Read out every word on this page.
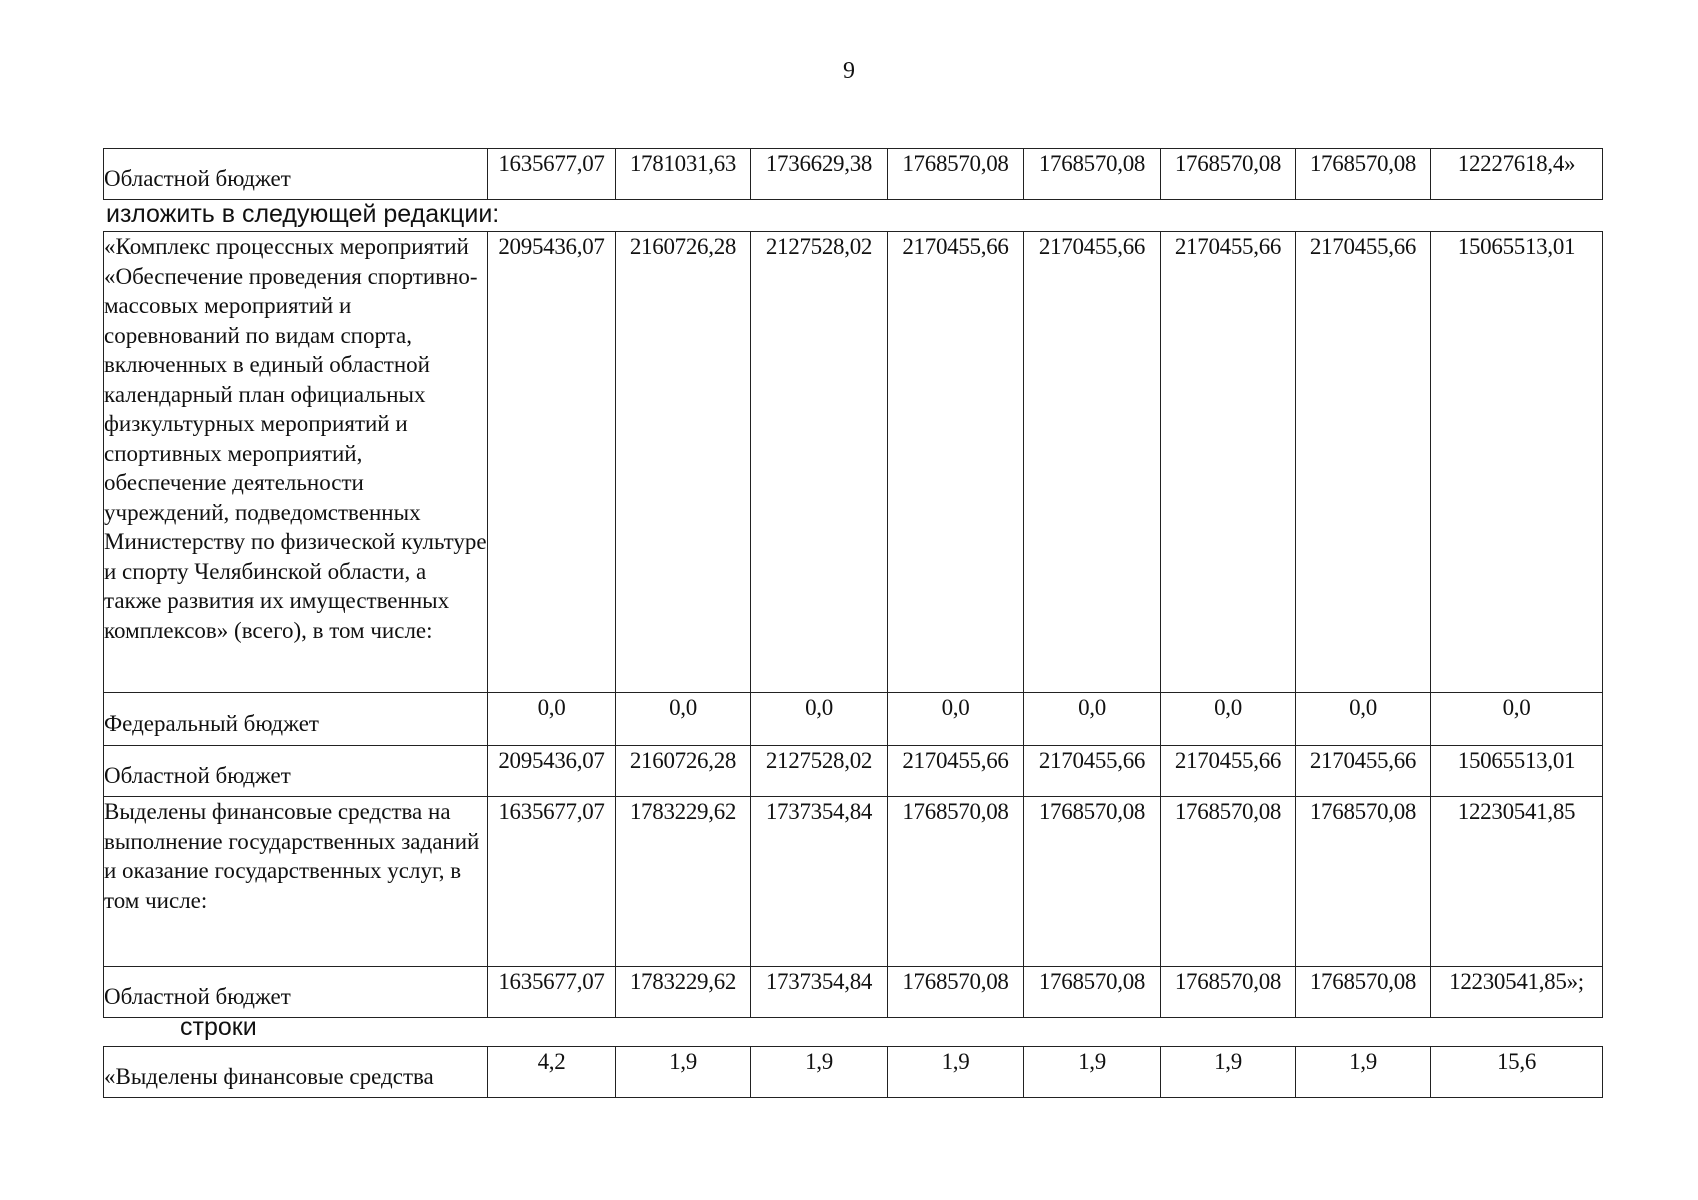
9
Областной бюджет	1635677,07	1781031,63	1736629,38	1768570,08	1768570,08	1768570,08	1768570,08	12227618,4»
изложить в следующей редакции:
«Комплекс процессных мероприятий «Обеспечение проведения спортивно-массовых мероприятий и соревнований по видам спорта, включенных в единый областной календарный план официальных физкультурных мероприятий и спортивных мероприятий, обеспечение деятельности учреждений, подведомственных Министерству по физической культуре и спорту Челябинской области, а также развития их имущественных комплексов» (всего), в том числе:	2095436,07	2160726,28	2127528,02	2170455,66	2170455,66	2170455,66	2170455,66	15065513,01
Федеральный бюджет	0,0	0,0	0,0	0,0	0,0	0,0	0,0	0,0
Областной бюджет	2095436,07	2160726,28	2127528,02	2170455,66	2170455,66	2170455,66	2170455,66	15065513,01
Выделены финансовые средства на выполнение государственных заданий и оказание государственных услуг, в том числе:	1635677,07	1783229,62	1737354,84	1768570,08	1768570,08	1768570,08	1768570,08	12230541,85
Областной бюджет	1635677,07	1783229,62	1737354,84	1768570,08	1768570,08	1768570,08	1768570,08	12230541,85»;
строки
«Выделены финансовые средства	4,2	1,9	1,9	1,9	1,9	1,9	1,9	15,6
